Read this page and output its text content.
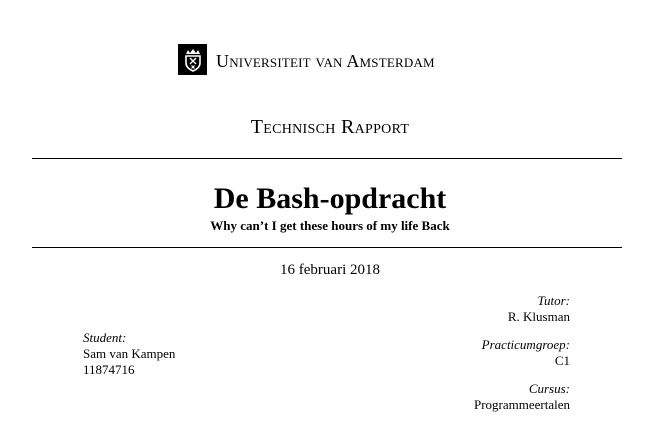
Universiteit van Amsterdam
Technisch Rapport
De Bash-opdracht
Why can’t I get these hours of my life Back
16 februari 2018
Student:
Sam van Kampen
11874716
Tutor:
R. Klusman
Practicumgroep:
C1
Cursus:
Programmeertalen
